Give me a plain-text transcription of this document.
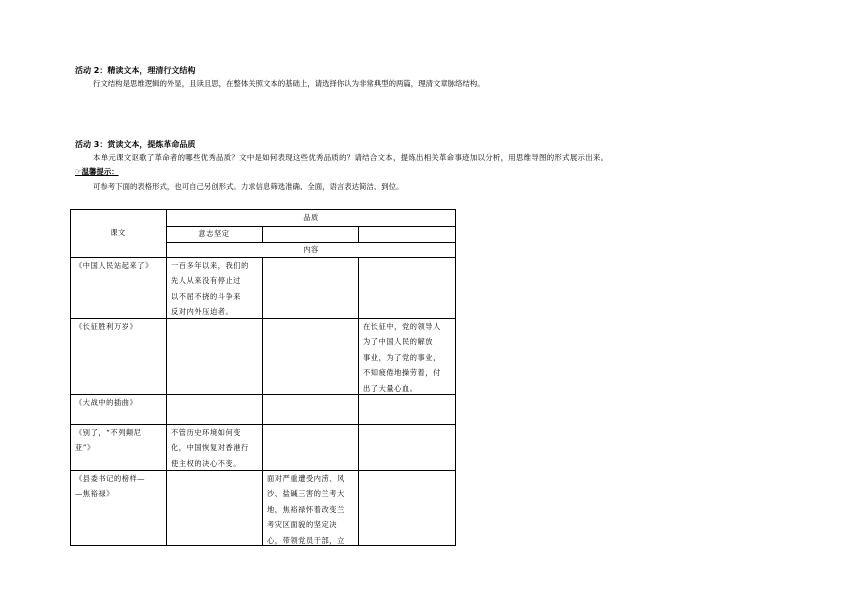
活动 2：精读文本，理清行文结构
行文结构是思维逻辑的外显，且读且思，在整体关照文本的基础上，请选择你认为非常典型的两篇，理清文章脉络结构。
活动 3：赏读文本，提炼革命品质
本单元课文讴歌了革命者的哪些优秀品质？文中是如何表现这些优秀品质的？请结合文本，提炼出相关革命事迹加以分析，用思维导图的形式展示出来。
☞温馨提示：
可参考下面的表格形式，也可自己另创形式。力求信息筛选准确、全面，语言表达简洁、到位。
课文
品质
意志坚定
内容
《中国人民站起来了》	一百多年以来，我们的
先人从来没有停止过
以不屈不挠的斗争来
反对内外压迫者。
《长征胜利万岁》	在长征中，党的领导人
为了中国人民的解放
事业，为了党的事业，
不知疲倦地操劳着，付
出了大量心血。
《大战中的插曲》
《别了，“不列颠尼
亚”》
不管历史环境如何变
化，中国恢复对香港行
使主权的决心不变。
《县委书记的榜样—
—焦裕禄》
面对严重遭受内涝、风
沙、盐碱三害的兰考大
地，焦裕禄怀着改变兰
考灾区面貌的坚定决
心，带领党员干部，立
